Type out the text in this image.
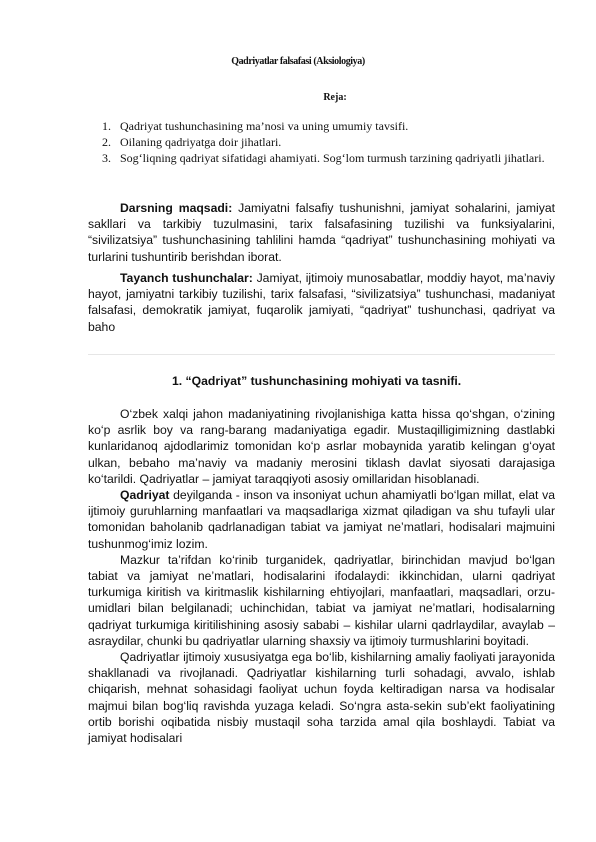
Qadriyatlar falsafasi (Aksiologiya)
Reja:
1. Qadriyat tushunchasining ma’nosi va uning umumiy tavsifi.
2. Oilaning qadriyatga doir jihatlari.
3. Sog‘liqning qadriyat sifatidagi ahamiyati. Sog‘lom turmush tarzining qadriyatli jihatlari.

Darsning maqsadi: Jamiyatni falsafiy tushunishni, jamiyat sohalarini, jamiyat sakllari va tarkibiy tuzulmasini, tarix falsafasining tuzilishi va funksiyalarini, “sivilizatsiya” tushunchasining tahlilini hamda “qadriyat” tushunchasining mohiyati va turlarini tushuntirib berishdan iborat.

Tayanch tushunchalar: Jamiyat, ijtimoiy munosabatlar, moddiy hayot, ma’naviy hayot, jamiyatni tarkibiy tuzilishi, tarix falsafasi, “sivilizatsiya” tushunchasi, madaniyat falsafasi, demokratik jamiyat, fuqarolik jamiyati, “qadriyat” tushunchasi, qadriyat va baho

1. “Qadriyat” tushunchasining mohiyati va tasnifi.

O‘zbek xalqi jahon madaniyatining rivojlanishiga katta hissa qo‘shgan, o‘zining ko‘p asrlik boy va rang-barang madaniyatiga egadir. Mustaqilligimizning dastlabki kunlaridanoq ajdodlarimiz tomonidan ko‘p asrlar mobaynida yaratib kelingan g‘oyat ulkan, bebaho ma’naviy va madaniy merosini tiklash davlat siyosati darajasiga ko‘tarildi. Qadriyatlar – jamiyat taraqqiyoti asosiy omillaridan hisoblanadi.

Qadriyat deyilganda - inson va insoniyat uchun ahamiyatli bo‘lgan millat, elat va ijtimoiy guruhlarning manfaatlari va maqsadlariga xizmat qiladigan va shu tufayli ular tomonidan baholanib qadrlanadigan tabiat va jamiyat ne’matlari, hodisalari majmuini tushunmog‘imiz lozim.

Mazkur ta’rifdan ko‘rinib turganidek, qadriyatlar, birinchidan mavjud bo‘lgan tabiat va jamiyat ne’matlari, hodisalarini ifodalaydi: ikkinchidan, ularni qadriyat turkumiga kiritish va kiritmaslik kishilarning ehtiyojlari, manfaatlari, maqsadlari, orzu-umidlari bilan belgilanadi; uchinchidan, tabiat va jamiyat ne’matlari, hodisalarning qadriyat turkumiga kiritilishining asosiy sababi – kishilar ularni qadrlaydilar, avaylab – asraydilar, chunki bu qadriyatlar ularning shaxsiy va ijtimoiy turmushlarini boyitadi.

Qadriyatlar ijtimoiy xususiyatga ega bo‘lib, kishilarning amaliy faoliyati jarayonida shakllanadi va rivojlanadi. Qadriyatlar kishilarning turli sohadagi, avvalo, ishlab chiqarish, mehnat sohasidagi faoliyat uchun foyda keltiradigan narsa va hodisalar majmui bilan bog‘liq ravishda yuzaga keladi. So‘ngra asta-sekin sub’ekt faoliyatining ortib borishi oqibatida nisbiy mustaqil soha tarzida amal qila boshlaydi. Tabiat va jamiyat hodisalari
